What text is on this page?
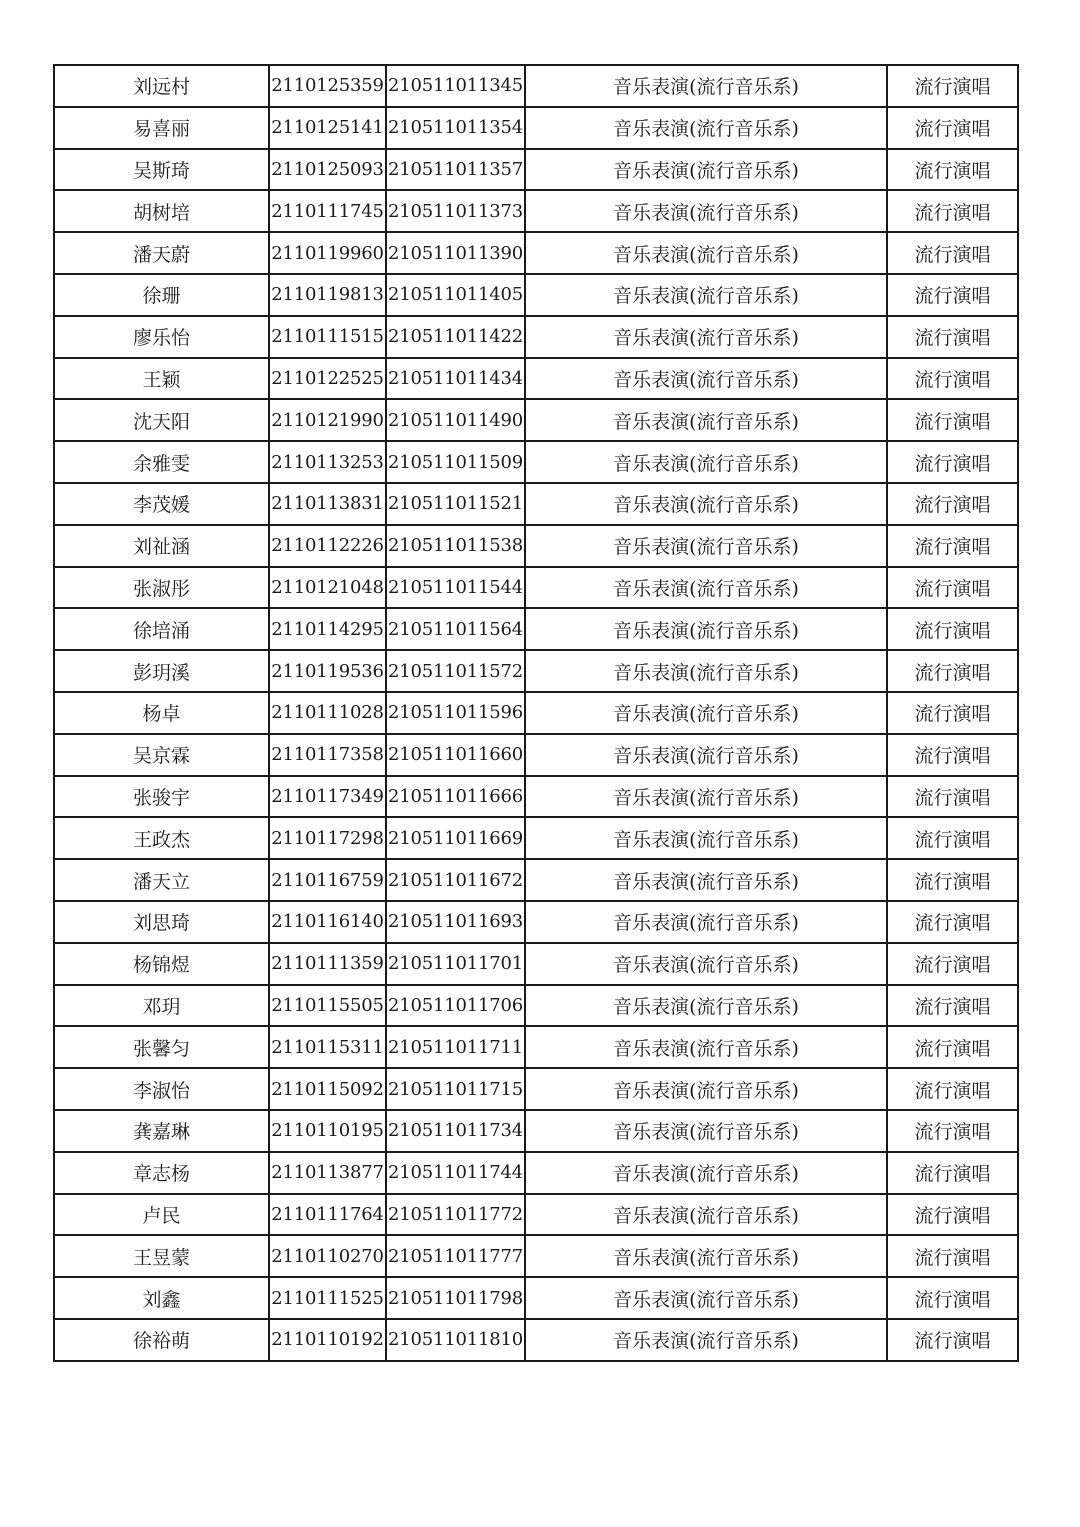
刘远村	2110125359	210511011345	音乐表演(流行音乐系)	流行演唱
易喜丽	2110125141	210511011354	音乐表演(流行音乐系)	流行演唱
吴斯琦	2110125093	210511011357	音乐表演(流行音乐系)	流行演唱
胡树培	2110111745	210511011373	音乐表演(流行音乐系)	流行演唱
潘天蔚	2110119960	210511011390	音乐表演(流行音乐系)	流行演唱
徐珊	2110119813	210511011405	音乐表演(流行音乐系)	流行演唱
廖乐怡	2110111515	210511011422	音乐表演(流行音乐系)	流行演唱
王颖	2110122525	210511011434	音乐表演(流行音乐系)	流行演唱
沈天阳	2110121990	210511011490	音乐表演(流行音乐系)	流行演唱
余雅雯	2110113253	210511011509	音乐表演(流行音乐系)	流行演唱
李茂媛	2110113831	210511011521	音乐表演(流行音乐系)	流行演唱
刘祉涵	2110112226	210511011538	音乐表演(流行音乐系)	流行演唱
张淑彤	2110121048	210511011544	音乐表演(流行音乐系)	流行演唱
徐培涌	2110114295	210511011564	音乐表演(流行音乐系)	流行演唱
彭玥溪	2110119536	210511011572	音乐表演(流行音乐系)	流行演唱
杨卓	2110111028	210511011596	音乐表演(流行音乐系)	流行演唱
吴京霖	2110117358	210511011660	音乐表演(流行音乐系)	流行演唱
张骏宇	2110117349	210511011666	音乐表演(流行音乐系)	流行演唱
王政杰	2110117298	210511011669	音乐表演(流行音乐系)	流行演唱
潘天立	2110116759	210511011672	音乐表演(流行音乐系)	流行演唱
刘思琦	2110116140	210511011693	音乐表演(流行音乐系)	流行演唱
杨锦煜	2110111359	210511011701	音乐表演(流行音乐系)	流行演唱
邓玥	2110115505	210511011706	音乐表演(流行音乐系)	流行演唱
张馨匀	2110115311	210511011711	音乐表演(流行音乐系)	流行演唱
李淑怡	2110115092	210511011715	音乐表演(流行音乐系)	流行演唱
龚嘉琳	2110110195	210511011734	音乐表演(流行音乐系)	流行演唱
章志杨	2110113877	210511011744	音乐表演(流行音乐系)	流行演唱
卢民	2110111764	210511011772	音乐表演(流行音乐系)	流行演唱
王昱蒙	2110110270	210511011777	音乐表演(流行音乐系)	流行演唱
刘鑫	2110111525	210511011798	音乐表演(流行音乐系)	流行演唱
徐裕萌	2110110192	210511011810	音乐表演(流行音乐系)	流行演唱
